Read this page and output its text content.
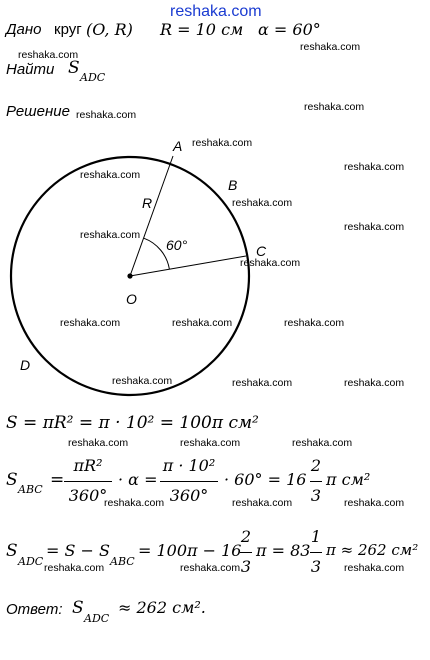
reshaka.com
Дано круг (O, R) R = 10 см α = 60°
Найти S ADC
Решение
A
B
C
D
O
R
60°
S = πR² = π · 10² = 100π см²
S ABC =
πR²
360°
· α =
π · 10²
360°
· 60° = 16
2
3
π см²
S
ADC
= S − S
ABC
= 100π − 16
2
3
π = 83
1
3
π ≈ 262 см²
Ответ: S
ADC
≈ 262 см².
reshaka.com
reshaka.com
reshaka.com
reshaka.com
reshaka.com
reshaka.com
reshaka.com
reshaka.com
reshaka.com
reshaka.com
reshaka.com
reshaka.com	reshaka.com	reshaka.com
reshaka.com	reshaka.com	reshaka.com
reshaka.com	reshaka.com	reshaka.com
reshaka.com	reshaka.com	reshaka.com
reshaka.com	reshaka.com	reshaka.com
